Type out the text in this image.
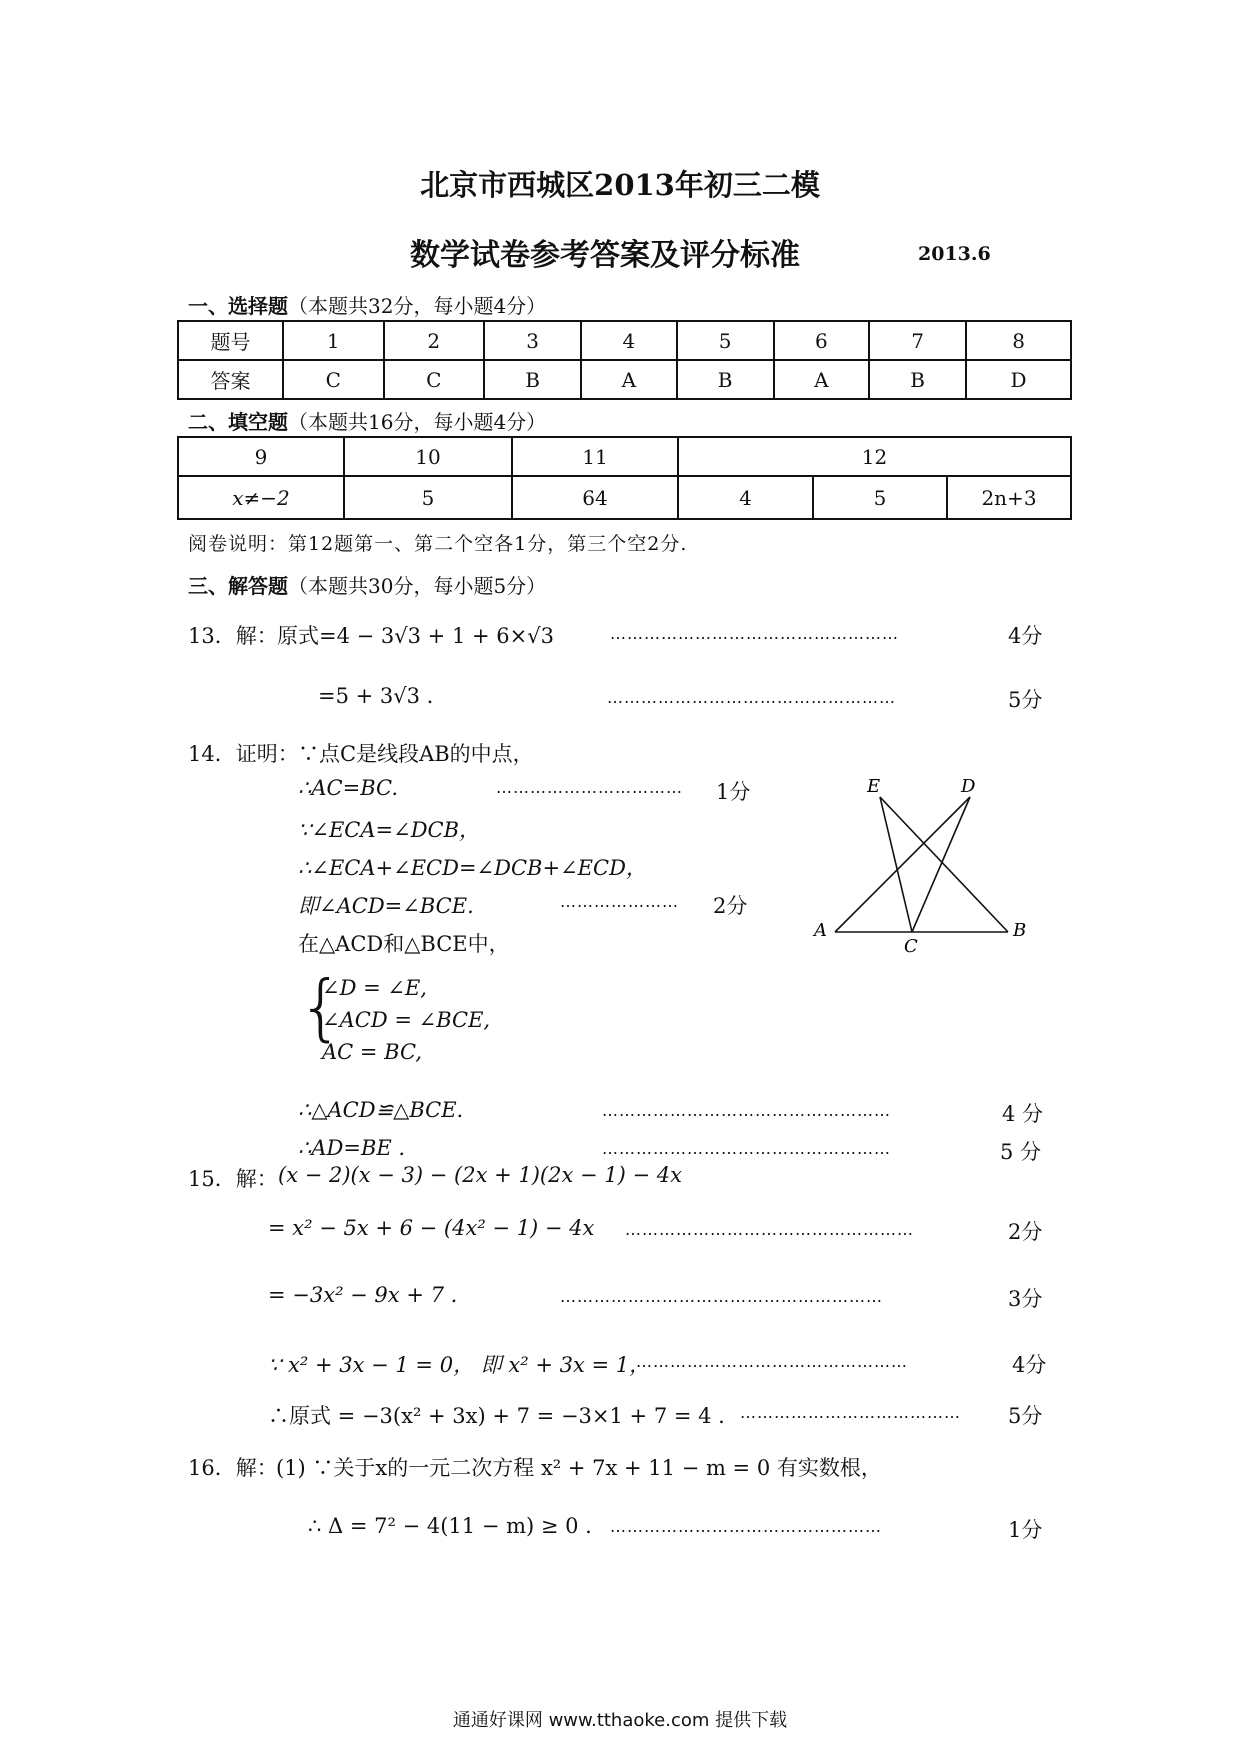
北京市西城区2013年初三二模
数学试卷参考答案及评分标准	2013.6
一、选择题（本题共32分，每小题4分）
题号	1	2	3	4	5	6	7	8
答案	C	C	B	A	B	A	B	D
二、填空题（本题共16分，每小题4分）
9	10	11	12		
x≠−2	5	64	4	5	2n+3
阅卷说明：第12题第一、第二个空各1分，第三个空2分.
三、解答题（本题共30分，每小题5分）
13．解： 原式=4 − 3√3 + 1 + 6×√3	……………………………………………	4分
=5 + 3√3 .	……………………………………………	5分
14．证明： ∵点C是线段AB的中点，
∴AC=BC.	…………………………… 1分
∵∠ECA=∠DCB，
∴∠ECA+∠ECD=∠DCB+∠ECD，
即∠ACD=∠BCE.	………………… 2分
在△ACD和△BCE中，
{
∠D = ∠E,
∠ACD = ∠BCE,
AC = BC,
∴△ACD≌△BCE.	……………………………………………	4 分
∴AD=BE .	……………………………………………	5 分
E	D
A
C
B
15．解： (x − 2)(x − 3) − (2x + 1)(2x − 1) − 4x
= x² − 5x + 6 − (4x² − 1) − 4x ……………………………………………	2分
= −3x² − 9x + 7 .	…………………………………………………	3分
∵ x² + 3x − 1 = 0， 即 x² + 3x = 1，
…………………………………………	4分
∴原式 = −3(x² + 3x) + 7 = −3×1 + 7 = 4 . ………………………………… 5分
16．解：
(1) ∵关于x的一元二次方程 x² + 7x + 11 − m = 0 有实数根，
∴ Δ = 7² − 4(11 − m) ≥ 0 . …………………………………………	1分
通通好课网 www.tthaoke.com 提供下载
